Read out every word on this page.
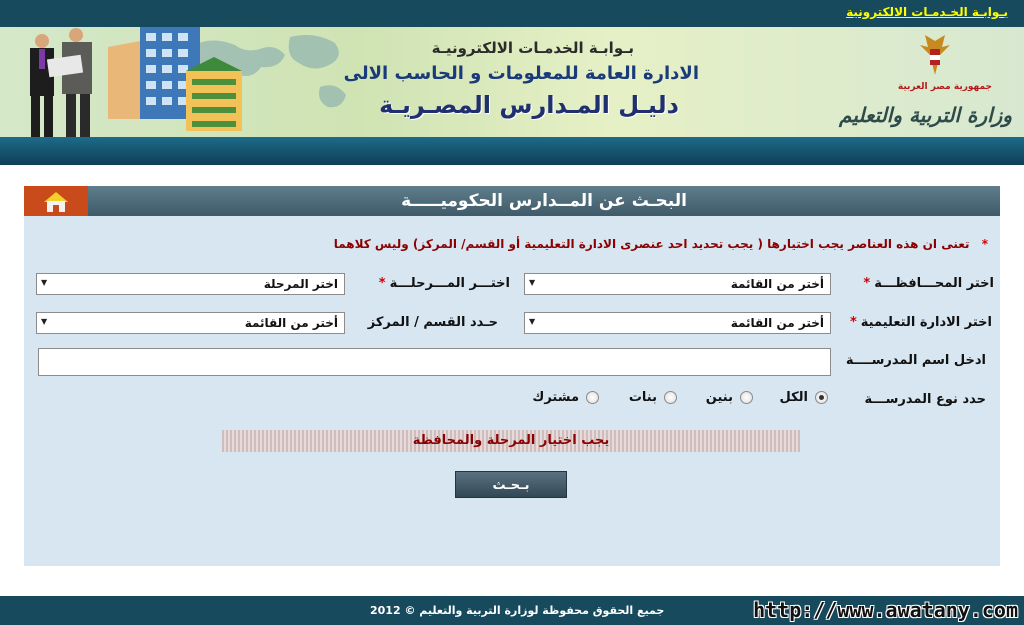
بـوابـة الخـدمـات الالكترونية
بـوابـة الخدمـات الالكترونيـة
الادارة العامة للمعلومات و الحاسب الالى
دليـل المـدارس المصـريـة
جمهورية مصر العربية
وزارة التربية والتعليم
البحـث عن المــدارس الحكوميـــــة
* تعنى ان هذه العناصر يجب اختيارها ( يجب تحديد احد عنصرى الادارة التعليمية أو القسم/ المركز) وليس كلاهما
اختر المحـــافظـــة*
أختر من القائمة
▼
اختـــر المـــرحلـــة*
اختر المرحلة
▼
اختر الادارة التعليمية*
أختر من القائمة
▼
حـدد القسم / المركز
أختر من القائمة
▼
ادخل اسم المدرســــة
حدد نوع المدرســـة
الكل
بنين
بنات
مشترك
يجب اختيار المرحلة والمحافظة
بـحـث
جميع الحقوق محفوظة لوزارة التربية والتعليم © 2012	http://www.awatany.com
